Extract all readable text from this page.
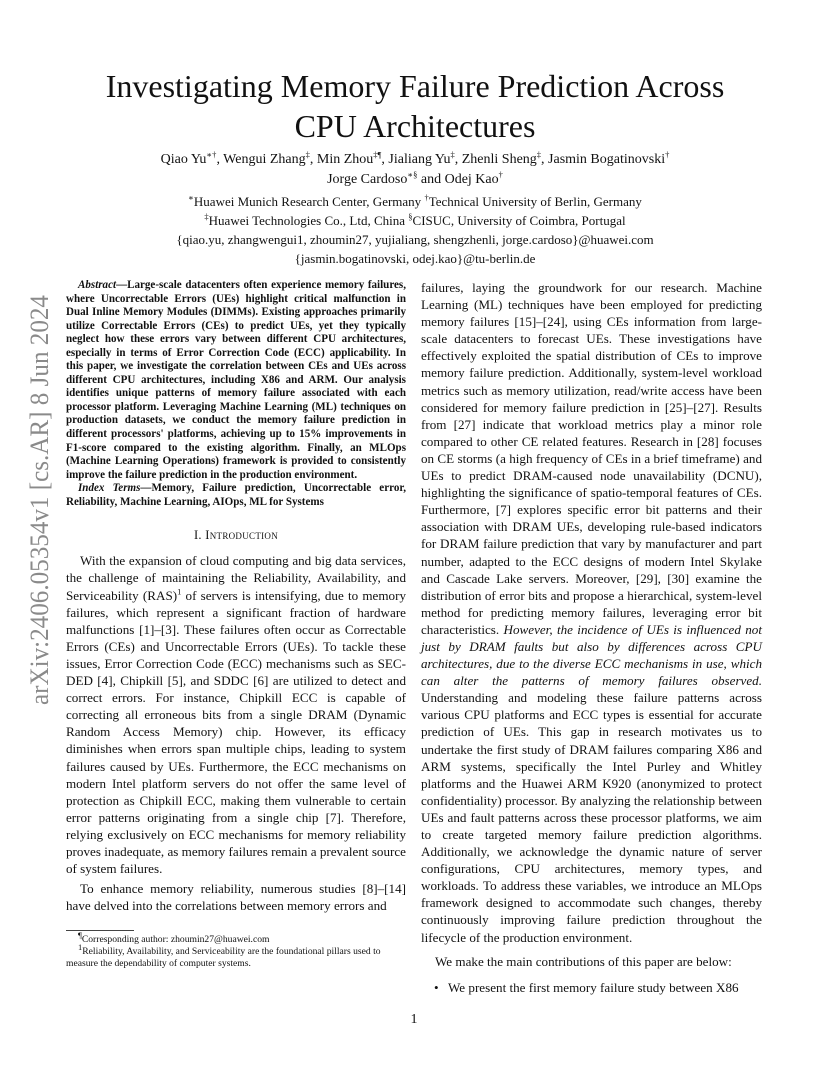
arXiv:2406.05354v1 [cs.AR] 8 Jun 2024
Investigating Memory Failure Prediction Across
CPU Architectures
Qiao Yu∗†, Wengui Zhang‡, Min Zhou‡¶, Jialiang Yu‡, Zhenli Sheng‡, Jasmin Bogatinovski†
Jorge Cardoso∗§ and Odej Kao†
∗Huawei Munich Research Center, Germany †Technical University of Berlin, Germany
‡Huawei Technologies Co., Ltd, China §CISUC, University of Coimbra, Portugal
{qiao.yu, zhangwengui1, zhoumin27, yujialiang, shengzhenli, jorge.cardoso}@huawei.com
{jasmin.bogatinovski, odej.kao}@tu-berlin.de

Abstract—Large-scale datacenters often experience memory failures, where Uncorrectable Errors (UEs) highlight critical malfunction in Dual Inline Memory Modules (DIMMs). Existing approaches primarily utilize Correctable Errors (CEs) to predict UEs, yet they typically neglect how these errors vary between different CPU architectures, especially in terms of Error Correction Code (ECC) applicability. In this paper, we investigate the correlation between CEs and UEs across different CPU architectures, including X86 and ARM. Our analysis identifies unique patterns of memory failure associated with each processor platform. Leveraging Machine Learning (ML) techniques on production datasets, we conduct the memory failure prediction in different processors' platforms, achieving up to 15% improvements in F1-score compared to the existing algorithm. Finally, an MLOps (Machine Learning Operations) framework is provided to consistently improve the failure prediction in the production environment.

Index Terms—Memory, Failure prediction, Uncorrectable error, Reliability, Machine Learning, AIOps, ML for Systems

I. Introduction

With the expansion of cloud computing and big data services, the challenge of maintaining the Reliability, Availability, and Serviceability (RAS)$^1$ of servers is intensifying, due to memory failures, which represent a significant fraction of hardware malfunctions [1]–[3]. These failures often occur as Correctable Errors (CEs) and Uncorrectable Errors (UEs). To tackle these issues, Error Correction Code (ECC) mechanisms such as SEC-DED [4], Chipkill [5], and SDDC [6] are utilized to detect and correct errors. For instance, Chipkill ECC is capable of correcting all erroneous bits from a single DRAM (Dynamic Random Access Memory) chip. However, its efficacy diminishes when errors span multiple chips, leading to system failures caused by UEs. Furthermore, the ECC mechanisms on modern Intel platform servers do not offer the same level of protection as Chipkill ECC, making them vulnerable to certain error patterns originating from a single chip [7]. Therefore, relying exclusively on ECC mechanisms for memory reliability proves inadequate, as memory failures remain a prevalent source of system failures.

To enhance memory reliability, numerous studies [8]–[14] have delved into the correlations between memory errors and

¶Corresponding author: zhoumin27@huawei.com

$^1$Reliability, Availability, and Serviceability are the foundational pillars used to measure the dependability of computer systems.

failures, laying the groundwork for our research. Machine Learning (ML) techniques have been employed for predicting memory failures [15]–[24], using CEs information from large-scale datacenters to forecast UEs. These investigations have effectively exploited the spatial distribution of CEs to improve memory failure prediction. Additionally, system-level workload metrics such as memory utilization, read/write access have been considered for memory failure prediction in [25]–[27]. Results from [27] indicate that workload metrics play a minor role compared to other CE related features. Research in [28] focuses on CE storms (a high frequency of CEs in a brief timeframe) and UEs to predict DRAM-caused node unavailability (DCNU), highlighting the significance of spatio-temporal features of CEs. Furthermore, [7] explores specific error bit patterns and their association with DRAM UEs, developing rule-based indicators for DRAM failure prediction that vary by manufacturer and part number, adapted to the ECC designs of modern Intel Skylake and Cascade Lake servers. Moreover, [29], [30] examine the distribution of error bits and propose a hierarchical, system-level method for predicting memory failures, leveraging error bit characteristics. However, the incidence of UEs is influenced not just by DRAM faults but also by differences across CPU architectures, due to the diverse ECC mechanisms in use, which can alter the patterns of memory failures observed. Understanding and modeling these failure patterns across various CPU platforms and ECC types is essential for accurate prediction of UEs. This gap in research motivates us to undertake the first study of DRAM failures comparing X86 and ARM systems, specifically the Intel Purley and Whitley platforms and the Huawei ARM K920 (anonymized to protect confidentiality) processor. By analyzing the relationship between UEs and fault patterns across these processor platforms, we aim to create targeted memory failure prediction algorithms. Additionally, we acknowledge the dynamic nature of server configurations, CPU architectures, memory types, and workloads. To address these variables, we introduce an MLOps framework designed to accommodate such changes, thereby continuously improving failure prediction throughout the lifecycle of the production environment.

We make the main contributions of this paper are below:

• We present the first memory failure study between X86
1
